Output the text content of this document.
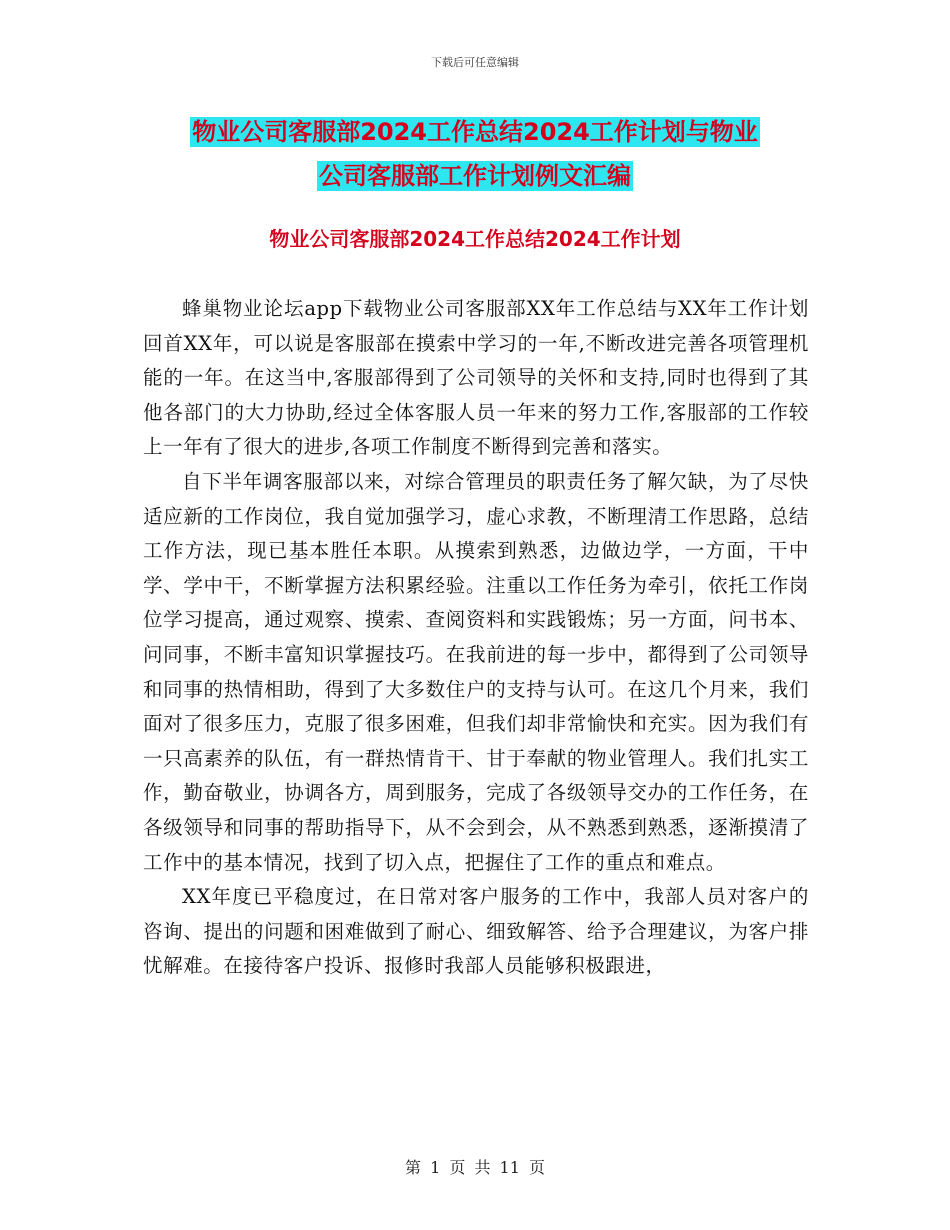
下载后可任意编辑
物业公司客服部2024工作总结2024工作计划与物业
公司客服部工作计划例文汇编
物业公司客服部2024工作总结2024工作计划

蜂巢物业论坛app下载物业公司客服部XX年工作总结与XX年工作计划回首XX年，可以说是客服部在摸索中学习的一年,不断改进完善各项管理机能的一年。在这当中,客服部得到了公司领导的关怀和支持,同时也得到了其他各部门的大力协助,经过全体客服人员一年来的努力工作,客服部的工作较上一年有了很大的进步,各项工作制度不断得到完善和落实。

自下半年调客服部以来，对综合管理员的职责任务了解欠缺，为了尽快适应新的工作岗位，我自觉加强学习，虚心求教，不断理清工作思路，总结工作方法，现已基本胜任本职。从摸索到熟悉，边做边学，一方面，干中学、学中干，不断掌握方法积累经验。注重以工作任务为牵引，依托工作岗位学习提高，通过观察、摸索、查阅资料和实践锻炼；另一方面，问书本、问同事，不断丰富知识掌握技巧。在我前进的每一步中，都得到了公司领导和同事的热情相助，得到了大多数住户的支持与认可。在这几个月来，我们面对了很多压力，克服了很多困难，但我们却非常愉快和充实。因为我们有一只高素养的队伍，有一群热情肯干、甘于奉献的物业管理人。我们扎实工作，勤奋敬业，协调各方，周到服务，完成了各级领导交办的工作任务，在各级领导和同事的帮助指导下，从不会到会，从不熟悉到熟悉，逐渐摸清了工作中的基本情况，找到了切入点，把握住了工作的重点和难点。

XX年度已平稳度过，在日常对客户服务的工作中，我部人员对客户的咨询、提出的问题和困难做到了耐心、细致解答、给予合理建议，为客户排忧解难。在接待客户投诉、报修时我部人员能够积极跟进，

第 1 页 共 11 页
